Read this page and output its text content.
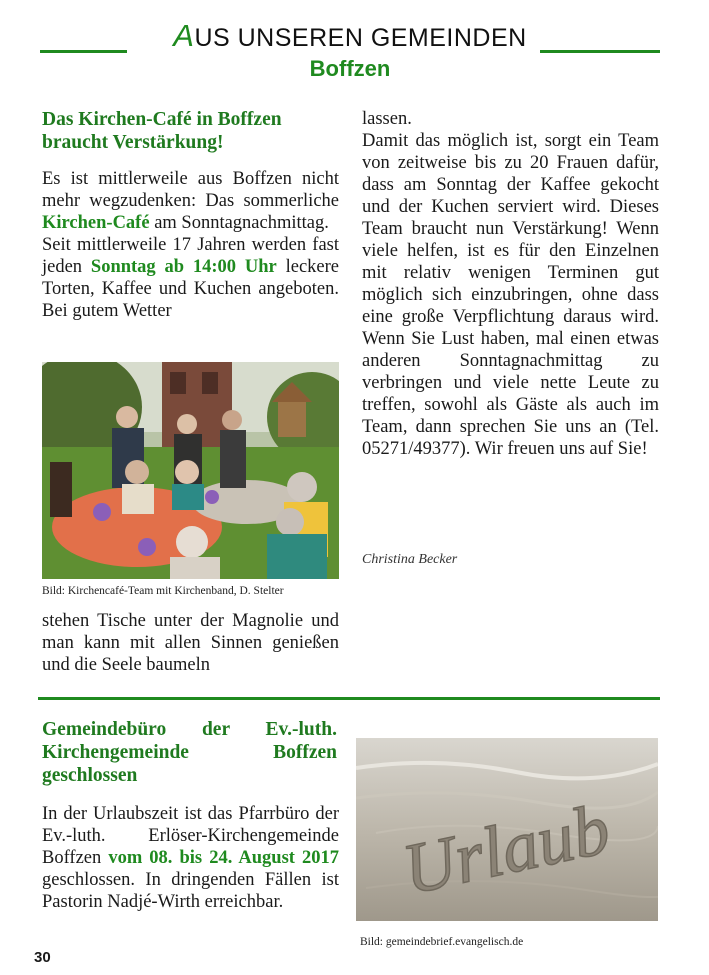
AUS UNSEREN GEMEINDEN
Boffzen
Das Kirchen-Café in Boffzen
braucht Verstärkung!

Es ist mittlerweile aus Boffzen nicht mehr wegzudenken: Das sommerliche Kirchen-Café am Sonntagnachmittag.

Seit mittlerweile 17 Jahren werden fast jeden Sonntag ab 14:00 Uhr leckere Torten, Kaffee und Kuchen angeboten. Bei gutem Wetter

Bild: Kirchencafé-Team mit Kirchenband, D. Stelter

stehen Tische unter der Magnolie und man kann mit allen Sinnen genießen und die Seele baumeln

lassen.

Damit das möglich ist, sorgt ein Team von zeitweise bis zu 20 Frauen dafür, dass am Sonntag der Kaffee gekocht und der Kuchen serviert wird. Dieses Team braucht nun Verstärkung! Wenn viele helfen, ist es für den Einzelnen mit relativ wenigen Terminen gut möglich sich einzubringen, ohne dass eine große Verpflichtung daraus wird. Wenn Sie Lust haben, mal einen etwas anderen Sonntagnachmittag zu verbringen und viele nette Leute zu treffen, sowohl als Gäste als auch im Team, dann sprechen Sie uns an (Tel. 05271/49377). Wir freuen uns auf Sie!

Christina Becker
Gemeindebüro der Ev.-luth. Kirchengemeinde Boffzen geschlossen

In der Urlaubszeit ist das Pfarrbüro der Ev.-luth. Erlöser-Kirchengemeinde Boffzen vom 08. bis 24. August 2017 geschlossen. In dringenden Fällen ist Pastorin Nadjé-Wirth erreichbar.	Urlaub
Bild: gemeindebrief.evangelisch.de
30
